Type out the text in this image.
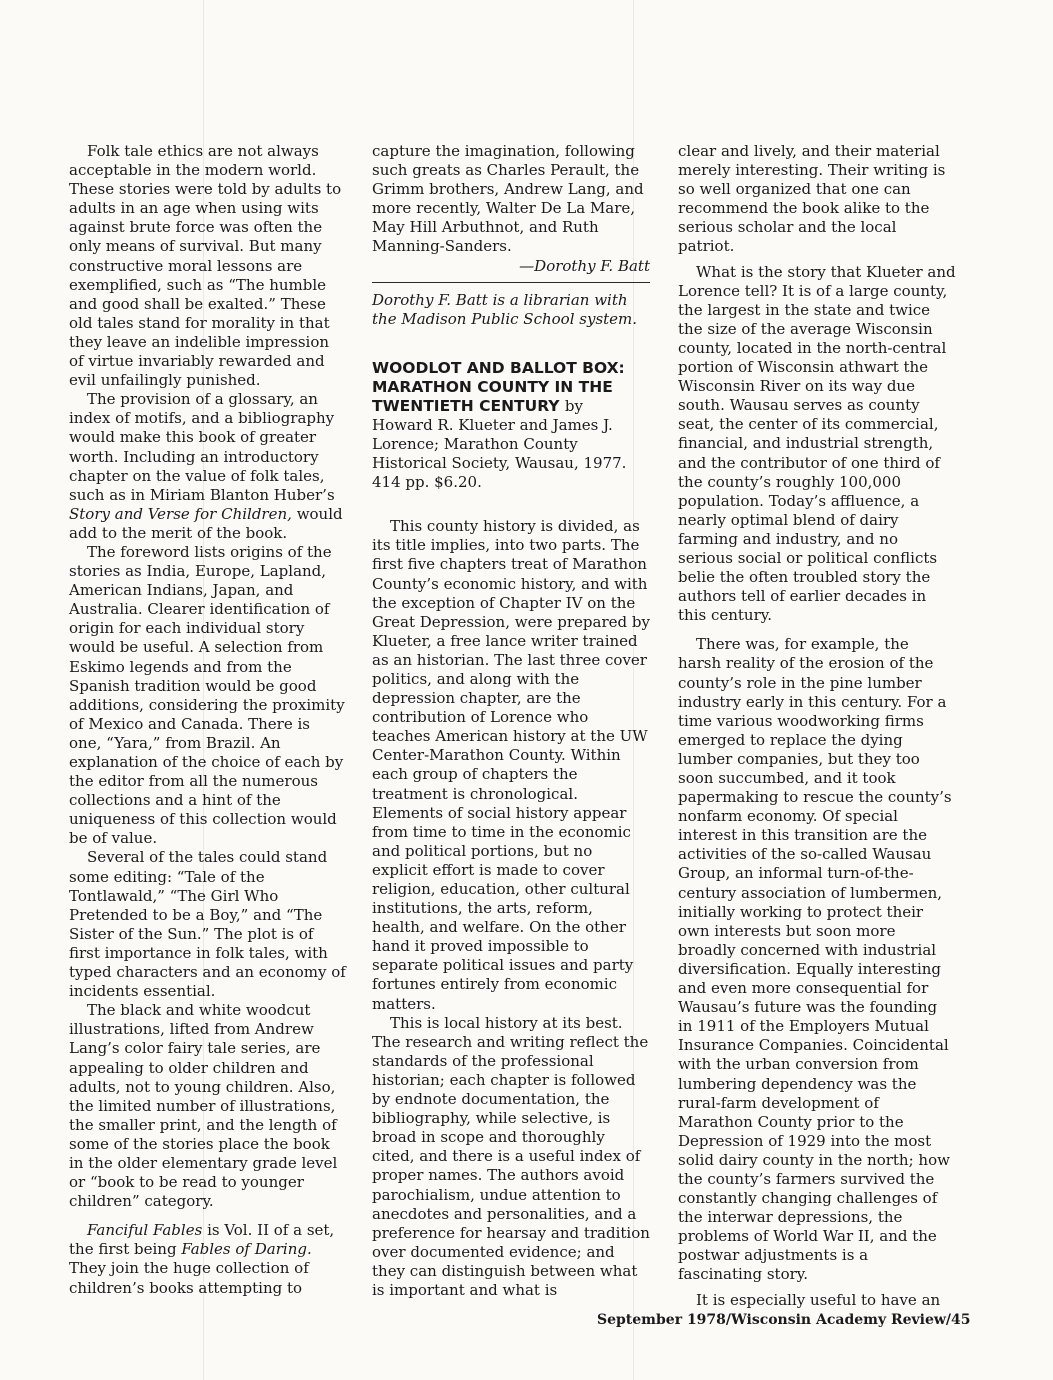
Folk tale ethics are not always acceptable in the modern world. These stories were told by adults to adults in an age when using wits against brute force was often the only means of survival. But many constructive moral lessons are exemplified, such as “The humble and good shall be exalted.” These old tales stand for morality in that they leave an indelible impression of virtue invariably rewarded and evil unfailingly punished.

The provision of a glossary, an index of motifs, and a bibliography would make this book of greater worth. Including an introductory chapter on the value of folk tales, such as in Miriam Blanton Huber’s Story and Verse for Children, would add to the merit of the book.

The foreword lists origins of the stories as India, Europe, Lapland, American Indians, Japan, and Australia. Clearer identification of origin for each individual story would be useful. A selection from Eskimo legends and from the Spanish tradition would be good additions, considering the proximity of Mexico and Canada. There is one, “Yara,” from Brazil. An explanation of the choice of each by the editor from all the numerous collections and a hint of the uniqueness of this collection would be of value.

Several of the tales could stand some editing: “Tale of the Tontlawald,” “The Girl Who Pretended to be a Boy,” and “The Sister of the Sun.” The plot is of first importance in folk tales, with typed characters and an economy of incidents essential.

The black and white woodcut illustrations, lifted from Andrew Lang’s color fairy tale series, are appealing to older children and adults, not to young children. Also, the limited number of illustrations, the smaller print, and the length of some of the stories place the book in the older elementary grade level or “book to be read to younger children” category.

Fanciful Fables is Vol. II of a set, the first being Fables of Daring. They join the huge collection of children’s books attempting to

capture the imagination, following such greats as Charles Perault, the Grimm brothers, Andrew Lang, and more recently, Walter De La Mare, May Hill Arbuthnot, and Ruth Manning-Sanders.

—Dorothy F. Batt

Dorothy F. Batt is a librarian with the Madison Public School system.

WOODLOT AND BALLOT BOX: MARATHON COUNTY IN THE TWENTIETH CENTURY by

Howard R. Klueter and James J. Lorence; Marathon County Historical Society, Wausau, 1977. 414 pp. $6.20.

This county history is divided, as its title implies, into two parts. The first five chapters treat of Marathon County’s economic history, and with the exception of Chapter IV on the Great Depression, were prepared by Klueter, a free lance writer trained as an historian. The last three cover politics, and along with the depression chapter, are the contribution of Lorence who teaches American history at the UW Center-Marathon County. Within each group of chapters the treatment is chronological. Elements of social history appear from time to time in the economic and political portions, but no explicit effort is made to cover religion, education, other cultural institutions, the arts, reform, health, and welfare. On the other hand it proved impossible to separate political issues and party fortunes entirely from economic matters.

This is local history at its best. The research and writing reflect the standards of the professional historian; each chapter is followed by endnote documentation, the bibliography, while selective, is broad in scope and thoroughly cited, and there is a useful index of proper names. The authors avoid parochialism, undue attention to anecdotes and personalities, and a preference for hearsay and tradition over documented evidence; and they can distinguish between what is important and what is

clear and lively, and their material merely interesting. Their writing is so well organized that one can recommend the book alike to the serious scholar and the local patriot.

What is the story that Klueter and Lorence tell? It is of a large county, the largest in the state and twice the size of the average Wisconsin county, located in the north-central portion of Wisconsin athwart the Wisconsin River on its way due south. Wausau serves as county seat, the center of its commercial, financial, and industrial strength, and the contributor of one third of the county’s roughly 100,000 population. Today’s affluence, a nearly optimal blend of dairy farming and industry, and no serious social or political conflicts belie the often troubled story the authors tell of earlier decades in this century.

There was, for example, the harsh reality of the erosion of the county’s role in the pine lumber industry early in this century. For a time various woodworking firms emerged to replace the dying lumber companies, but they too soon succumbed, and it took papermaking to rescue the county’s nonfarm economy. Of special interest in this transition are the activities of the so-called Wausau Group, an informal turn-of-the-century association of lumbermen, initially working to protect their own interests but soon more broadly concerned with industrial diversification. Equally interesting and even more consequential for Wausau’s future was the founding in 1911 of the Employers Mutual Insurance Companies. Coincidental with the urban conversion from lumbering dependency was the rural-farm development of Marathon County prior to the Depression of 1929 into the most solid dairy county in the north; how the county’s farmers survived the constantly changing challenges of the interwar depressions, the problems of World War II, and the postwar adjustments is a fascinating story.

It is especially useful to have an

September 1978/Wisconsin Academy Review/45
